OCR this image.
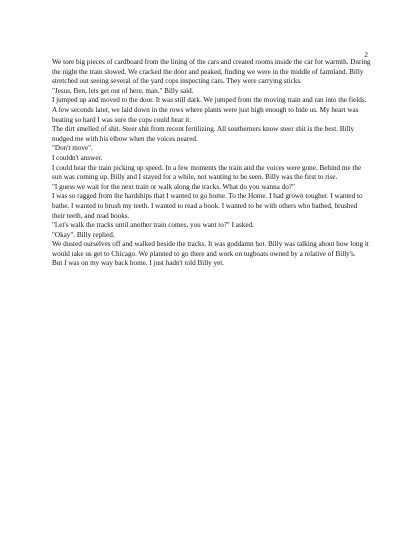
2

We tore big pieces of cardboard from the lining of the cars and created rooms inside the car for warmth. During the night the train slowed. We cracked the door and peaked, finding we were in the middle of farmland. Billy stretched out seeing several of the yard cops inspecting cars. They were carrying sticks.

"Jesus, Ben, lets get out of here, man." Billy said.

I jumped up and moved to the door. It was still dark. We jumped from the moving train and ran into the fields. A few seconds later, we laid down in the rows where plants were just high enough to hide us. My heart was beating so hard I was sure the cops could hear it.

The dirt smelled of shit. Steer shit from recent fertilizing. All southerners know steer shit is the best. Billy nudged me with his elbow when the voices neared.

"Don't move".

I couldn't answer.

I could hear the train picking up speed. In a few moments the train and the voices were gone. Behind me the sun was coming up. Billy and I stayed for a while, not wanting to be seen. Billy was the first to rise.

"I guess we wait for the next train or walk along the tracks. What do you wanna do?"

I was so ragged from the hardships that I wanted to go home. To the Home. I had grown tougher. I wanted to bathe. I wanted to brush my teeth. I wanted to read a book. I wanted to be with others who bathed, brushed their teeth, and read books.

"Let's walk the tracks until another train comes, you want to?" I asked.

"Okay". Billy replied.

We dusted ourselves off and walked beside the tracks. It was goddamn hot. Billy was talking about how long it would take us get to Chicago. We planned to go there and work on tugboats owned by a relative of Billy's.

But I was on my way back home. I just hadn't told Billy yet.
